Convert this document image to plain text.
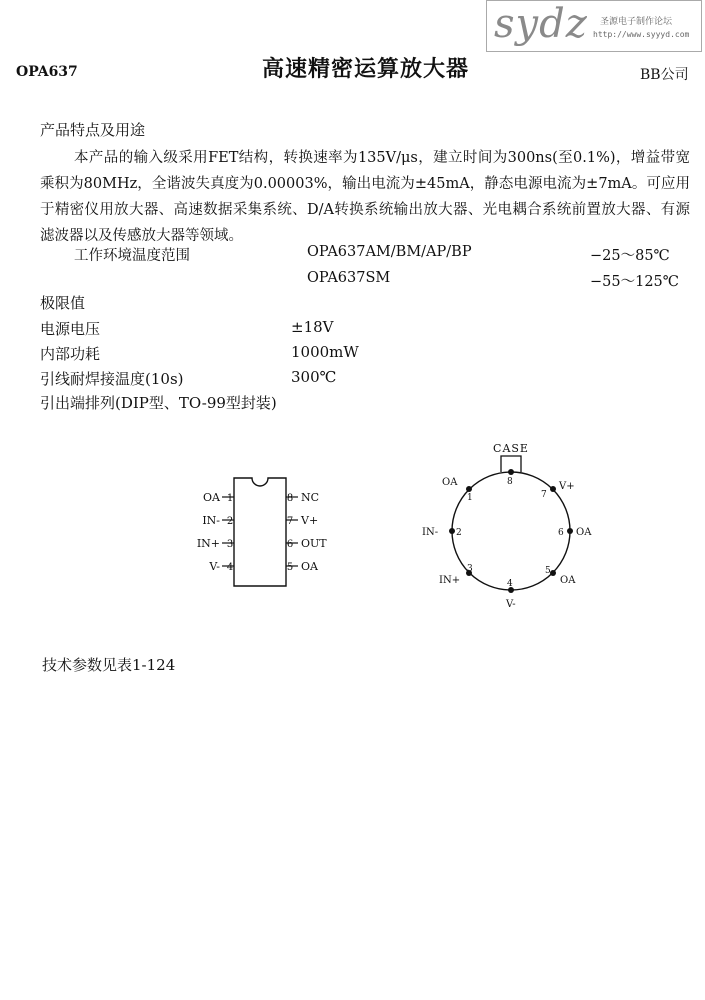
sydz 圣源电子制作论坛
http://www.syyyd.com
OPA637	高速精密运算放大器	BB公司
产品特点及用途

本产品的输入级采用FET结构，转换速率为135V/μs，建立时间为300ns(至0.1%)，增益带宽乘积为80MHz，全谐波失真度为0.00003%，输出电流为±45mA，静态电源电流为±7mA。可应用于精密仪用放大器、高速数据采集系统、D/A转换系统输出放大器、光电耦合系统前置放大器、有源滤波器以及传感放大器等领域。

工作环境温度范围	OPA637AM/BM/AP/BP	−25～85℃
OPA637SM	−55～125℃
极限值
电源电压	±18V
内部功耗	1000mW
引线耐焊接温度(10s)	300℃
引出端排列(DIP型、TO-99型封装)
OA 1
IN- 2
IN+ 3
V- 4
8 NC
7 V+
6 OUT
5 OA
CASE
8
7
V+
6 OA
5
OA
4
V-
3
IN+
2
IN-
1
OA
技术参数见表1-124
